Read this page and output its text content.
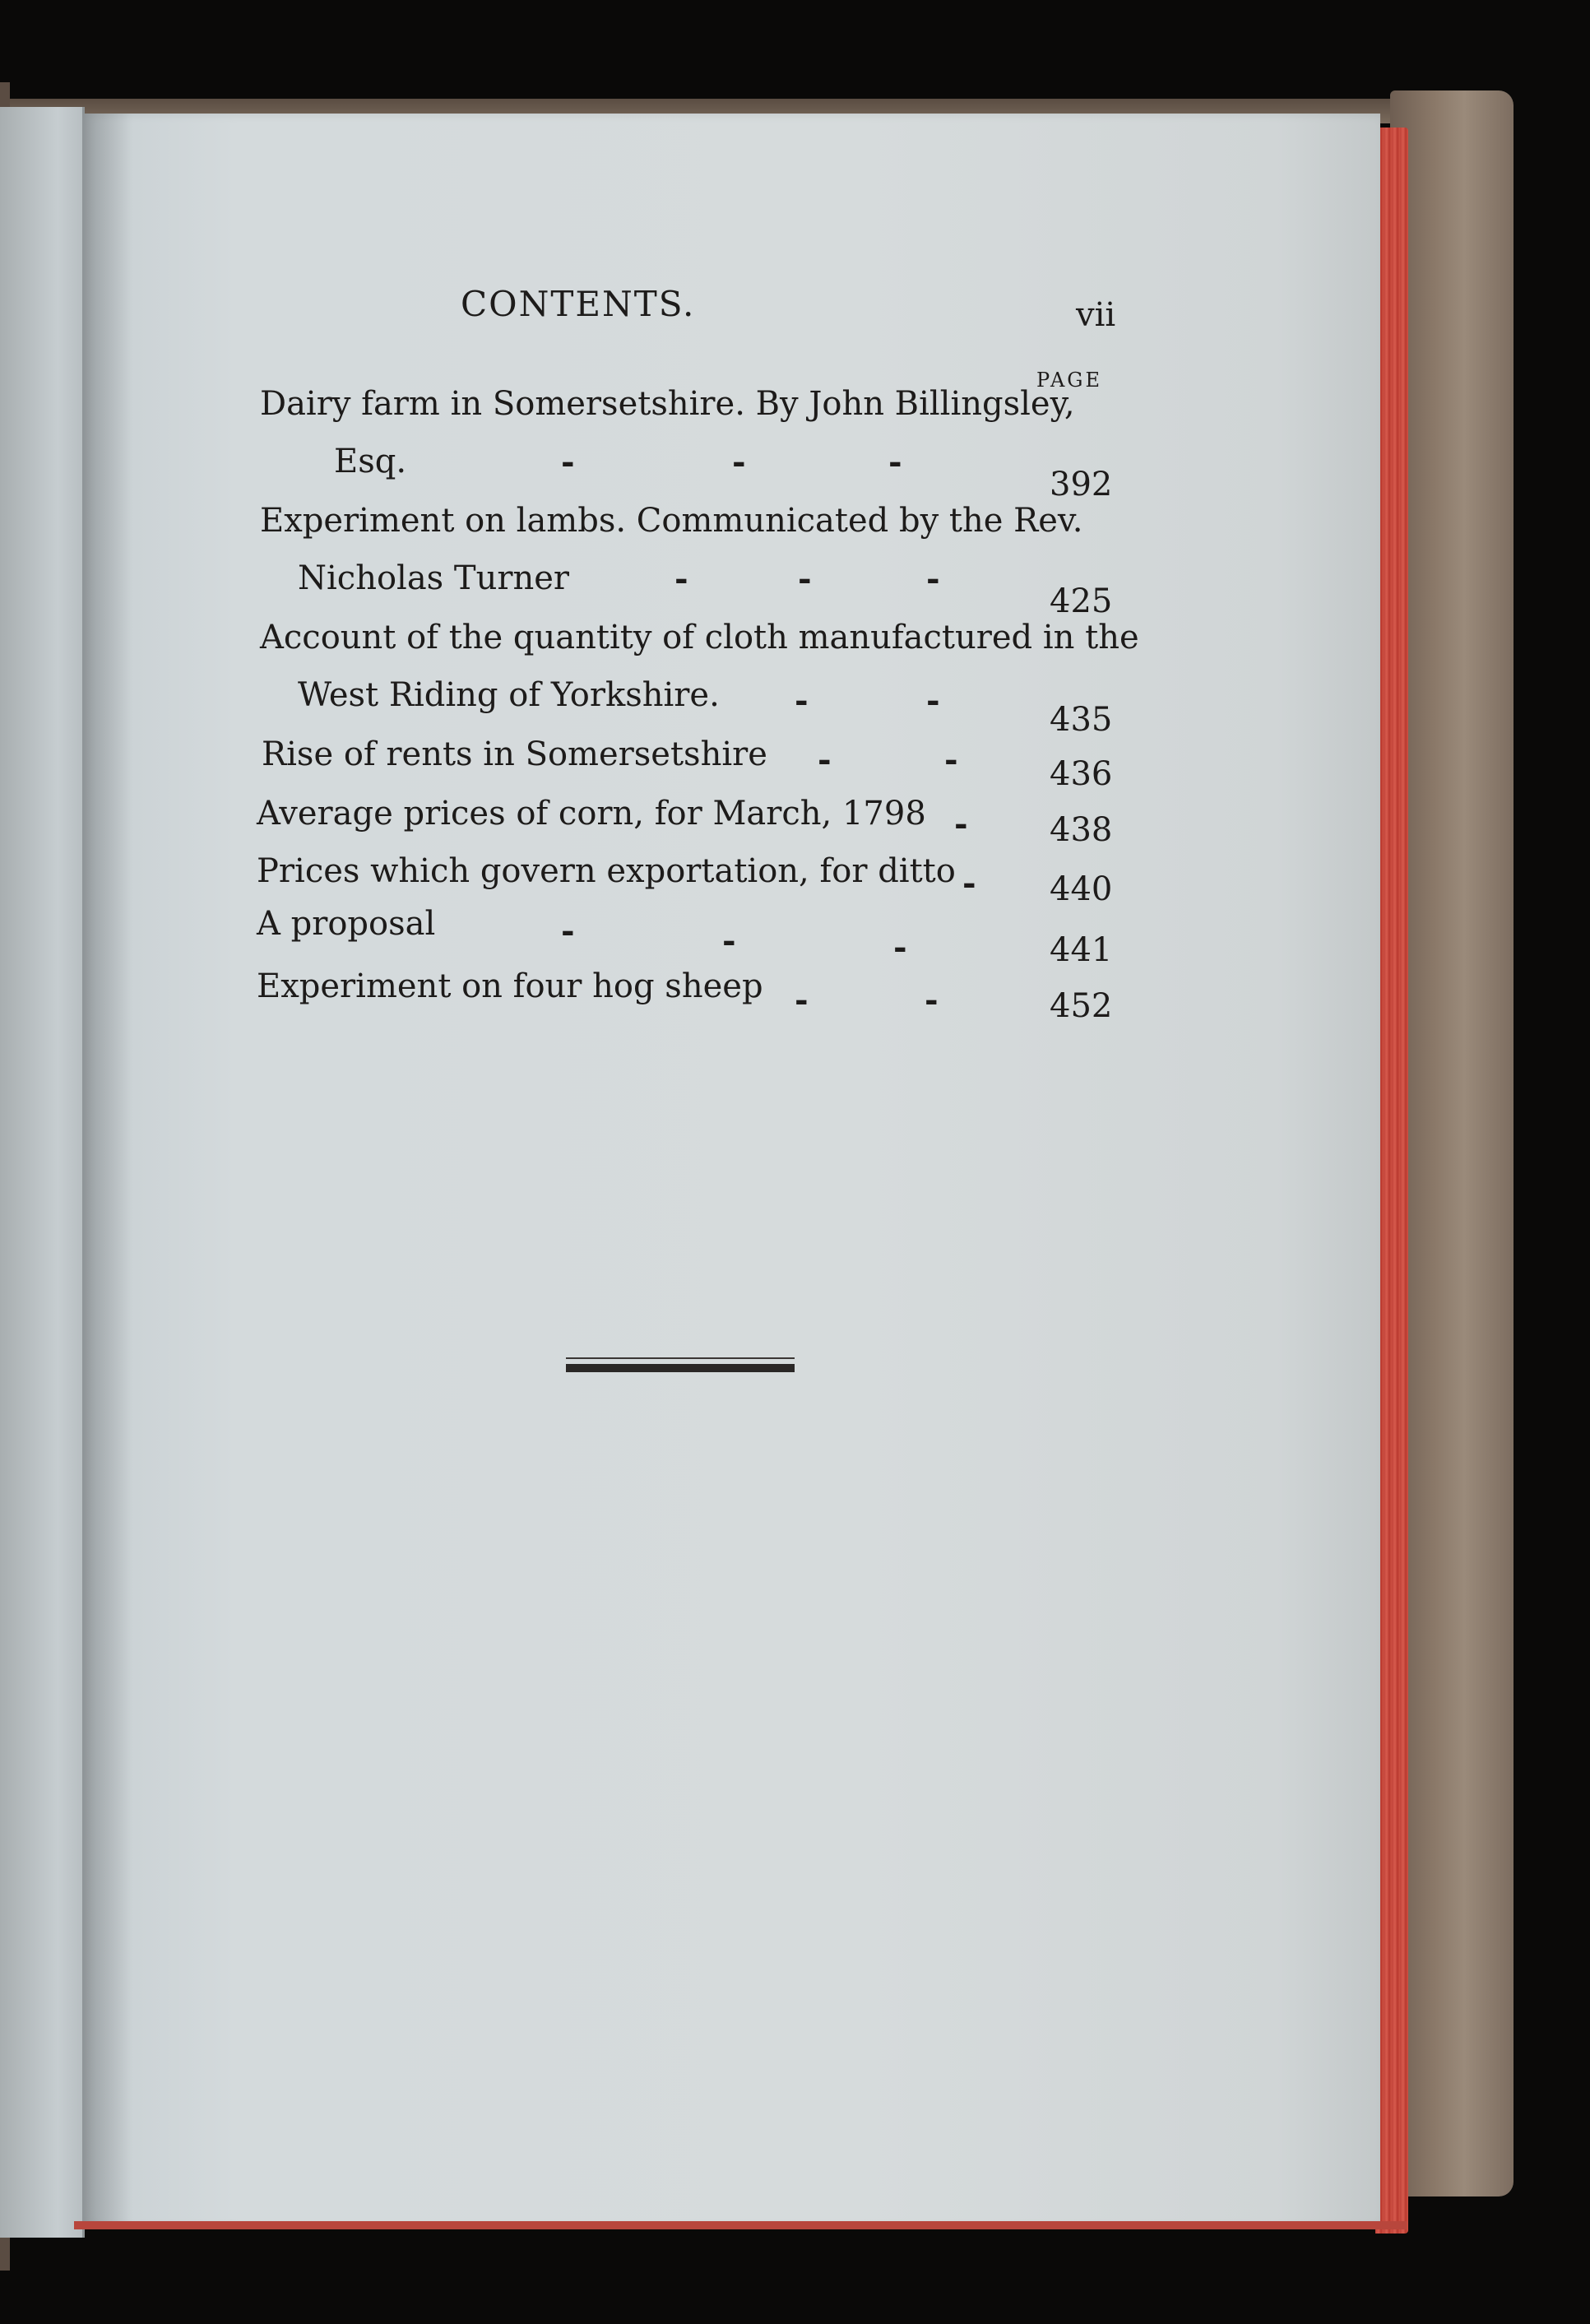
CONTENTS.	vii
PAGE
Dairy farm in Somersetshire. By John Billingsley,
Esq.	-	-	-
392
Experiment on lambs. Communicated by the Rev.
Nicholas Turner	-	-	-
425
Account of the quantity of cloth manufactured in the
West Riding of Yorkshire. -	-	435
Rise of rents in Somersetshire -	-	436
Average prices of corn, for March, 1798 - 438
Prices which govern exportation, for ditto - 440
A proposal	-	-	-	441
Experiment on four hog sheep -	-	452
